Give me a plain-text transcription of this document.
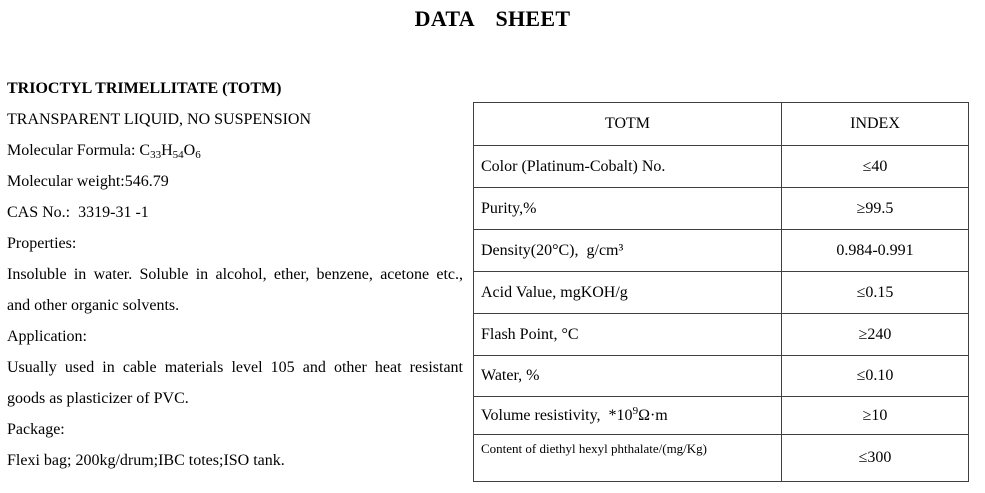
DATA SHEET
TRIOCTYL TRIMELLITATE (TOTM)
TRANSPARENT LIQUID, NO SUSPENSION
Molecular Formula: $C_{33}H_{54}O_6$
Molecular weight:546.79
CAS No.:  3319-31 -1
Properties:
Insoluble in water. Soluble in alcohol, ether, benzene, acetone etc.,
and other organic solvents.
Application:
Usually used in cable materials level 105 and other heat resistant
goods as plasticizer of PVC.
Package:
Flexi bag; 200kg/drum;IBC totes;ISO tank.
TOTM	INDEX
Color (Platinum-Cobalt) No.	≤40
Purity,%	≥99.5
Density(20°C),  g/cm³	0.984-0.991
Acid Value, mgKOH/g	≤0.15
Flash Point, °C	≥240
Water, %	≤0.10
Volume resistivity,  $*10^9\Omega\cdot m$	≥10
Content of diethyl hexyl phthalate/(mg/Kg)	≤300
